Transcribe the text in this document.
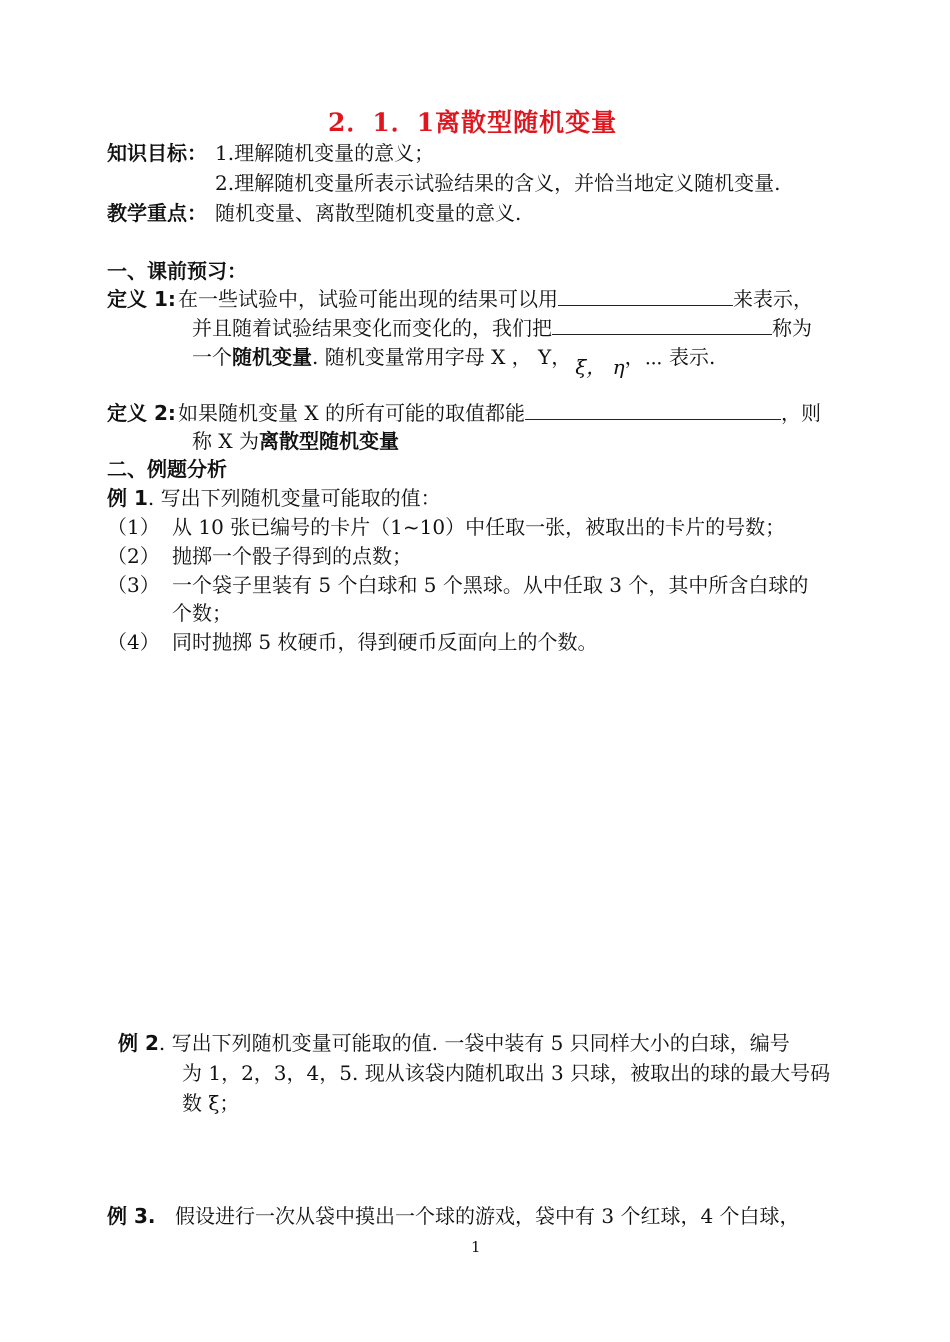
2．1．1离散型随机变量
知识目标： 1.理解随机变量的意义；
2.理解随机变量所表示试验结果的含义，并恰当地定义随机变量.
教学重点： 随机变量、离散型随机变量的意义.
一、课前预习：
定义 1: 在一些试验中，试验可能出现的结果可以用	来表示，
并且随着试验结果变化而变化的，我们把	称为
一个随机变量. 随机变量常用字母 X ， Y， ξ， η，⋯ 表示.
定义 2: 如果随机变量 X 的所有可能的取值都能	，则
称 X 为离散型随机变量
二、例题分析
例 1. 写出下列随机变量可能取的值：
（1） 从 10 张已编号的卡片（1~10）中任取一张，被取出的卡片的号数；
（2） 抛掷一个骰子得到的点数；
（3） 一个袋子里装有 5 个白球和 5 个黑球。从中任取 3 个，其中所含白球的
个数；
（4） 同时抛掷 5 枚硬币，得到硬币反面向上的个数。
例 2. 写出下列随机变量可能取的值. 一袋中装有 5 只同样大小的白球，编号
为 1，2，3，4，5. 现从该袋内随机取出 3 只球，被取出的球的最大号码
数 ξ；
例 3. 假设进行一次从袋中摸出一个球的游戏，袋中有 3 个红球，4 个白球，
1
